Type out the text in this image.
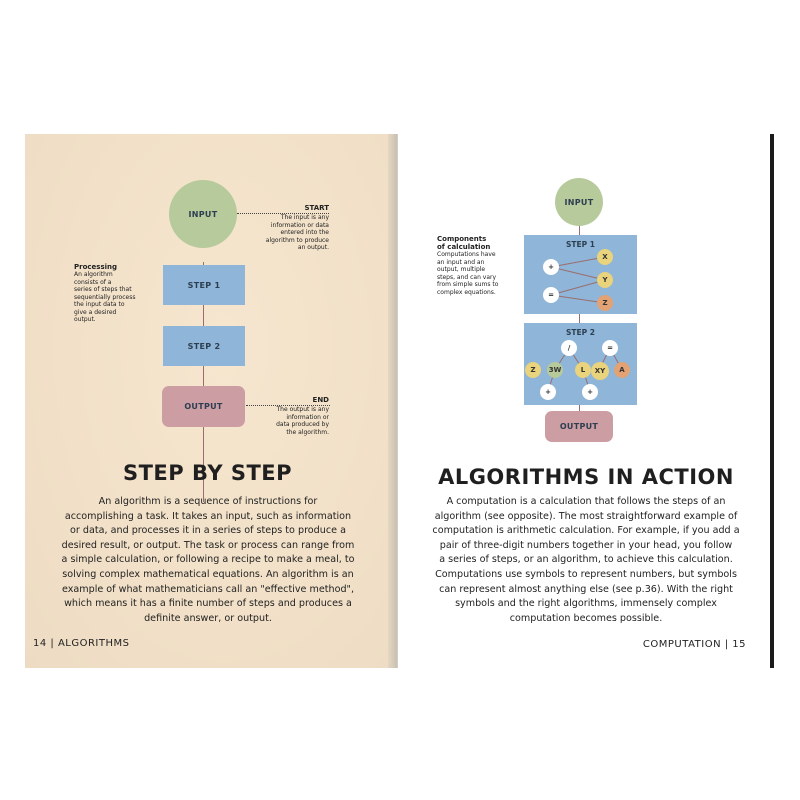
INPUT
STEP 1
STEP 2
OUTPUT
START
The input is any
information or data
entered into the
algorithm to produce
an output.
Processing
An algorithm
consists of a
series of steps that
sequentially process
the input data to
give a desired
output.
END
The output is any
information or
data produced by
the algorithm.
STEP BY STEP
An algorithm is a sequence of instructions for
accomplishing a task. It takes an input, such as information
or data, and processes it in a series of steps to produce a
desired result, or output. The task or process can range from
a simple calculation, or following a recipe to make a meal, to
solving complex mathematical equations. An algorithm is an
example of what mathematicians call an "effective method",
which means it has a finite number of steps and produces a
definite answer, or output.
14 | ALGORITHMS
INPUT
STEP 1
+
=
X
Y
Z
STEP 2
/	=
Z	3W	L	XY	A
+	+
OUTPUT
Components
of calculation
Computations have
an input and an
output, multiple
steps, and can vary
from simple sums to
complex equations.
ALGORITHMS IN ACTION
A computation is a calculation that follows the steps of an
algorithm (see opposite). The most straightforward example of
computation is arithmetic calculation. For example, if you add a
pair of three-digit numbers together in your head, you follow
a series of steps, or an algorithm, to achieve this calculation.
Computations use symbols to represent numbers, but symbols
can represent almost anything else (see p.36). With the right
symbols and the right algorithms, immensely complex
computation becomes possible.
COMPUTATION | 15
